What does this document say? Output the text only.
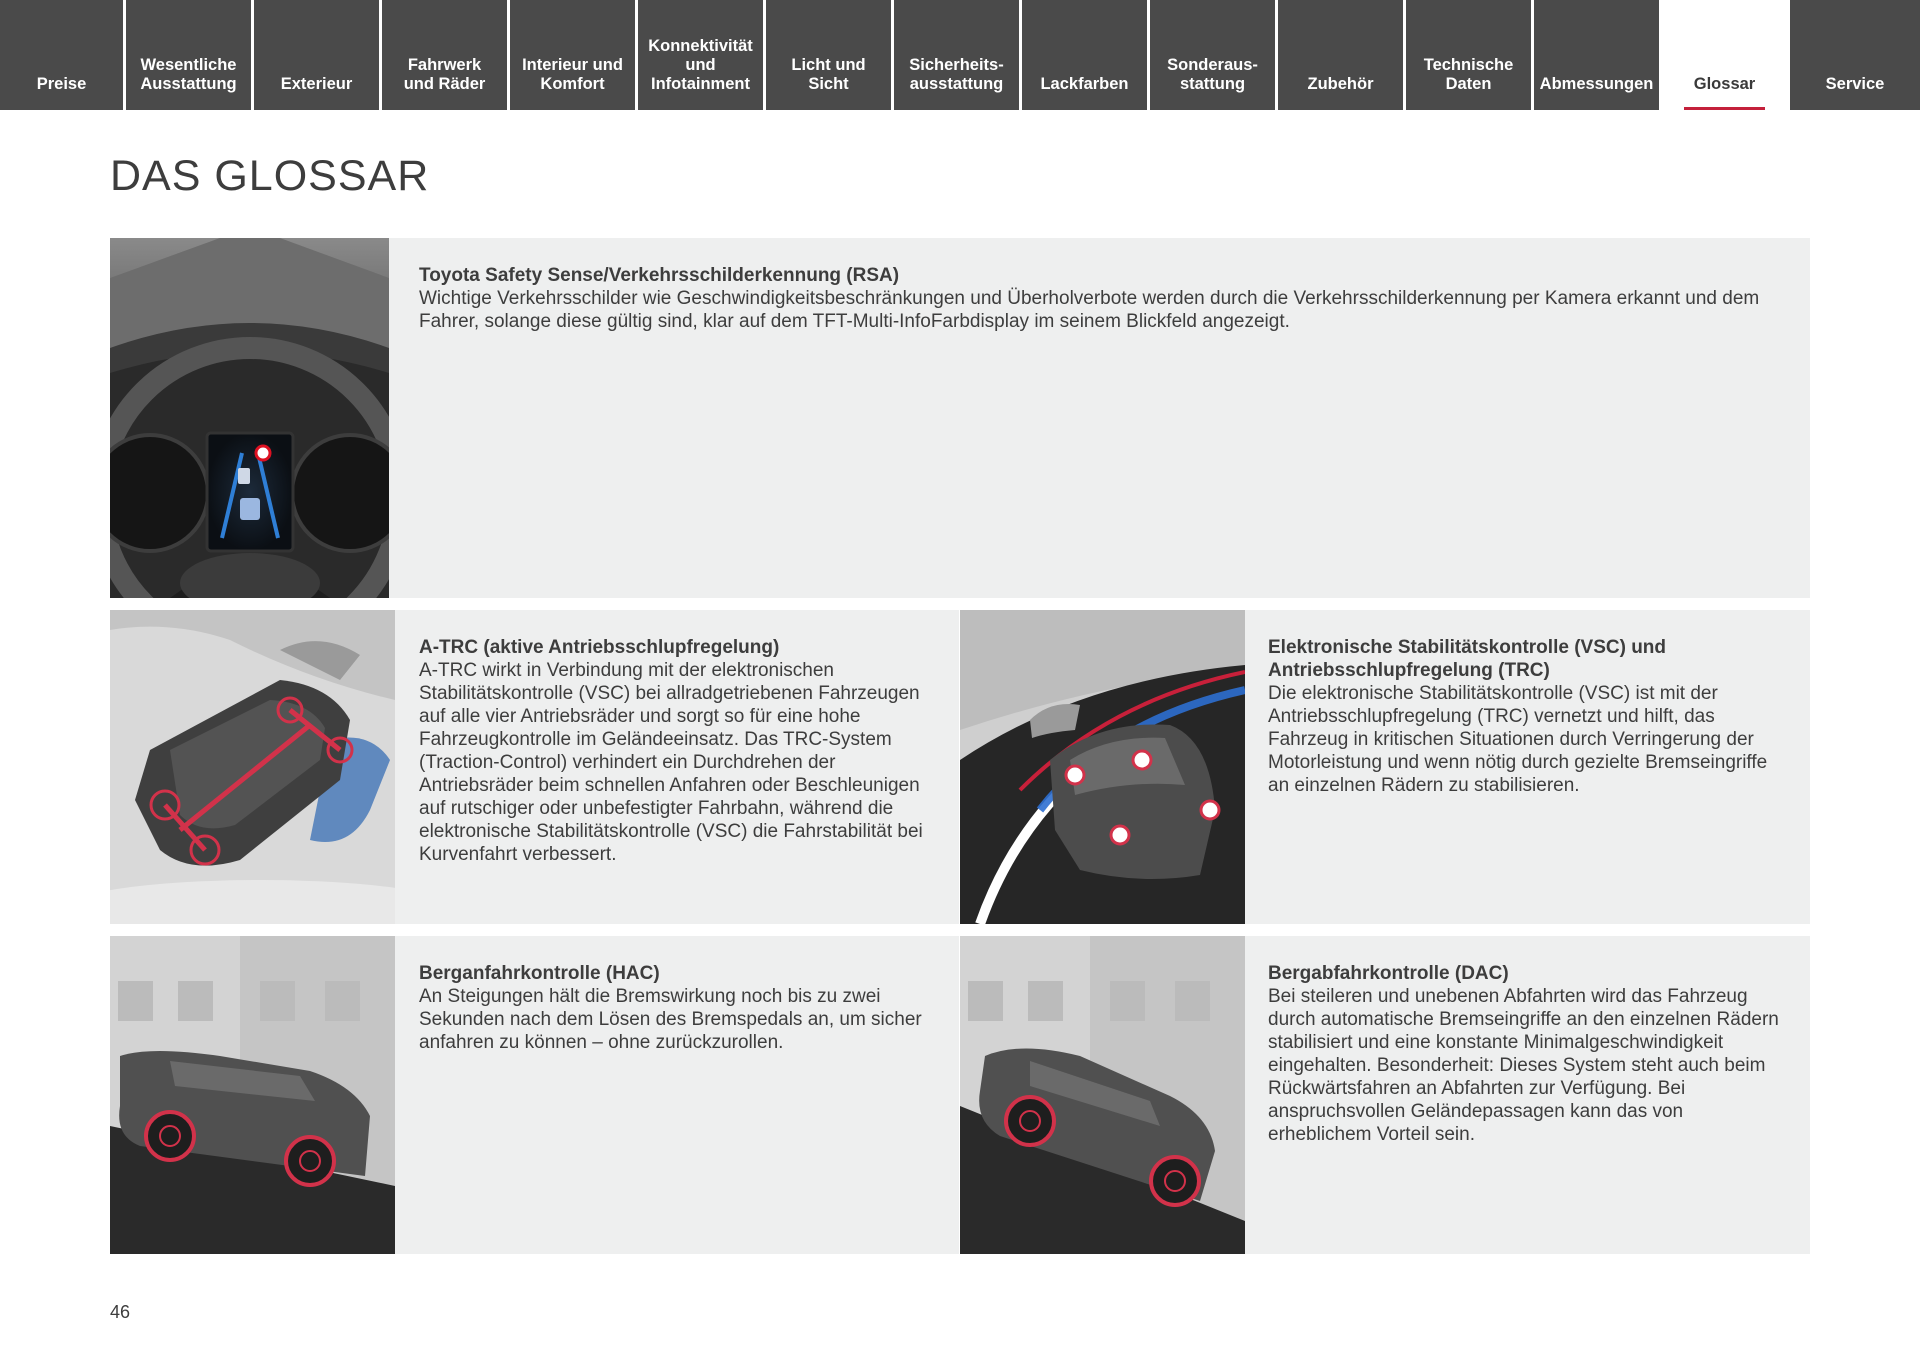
Preise
Wesentliche
Ausstattung	Exterieur
Fahrwerk
und Räder
Interieur und
Komfort
Konnektivität
und
Infotainment
Licht und
Sicht
Sicherheits-
ausstattung Lackfarben
Sonderaus-
stattung	Zubehör
Technische
Daten	Abmessungen Glossar	Service
DAS GLOSSAR
Toyota Safety Sense/Verkehrsschilderkennung (RSA)
Wichtige Verkehrsschilder wie Geschwindigkeitsbeschränkungen und Überholverbote werden durch die Verkehrsschilderkennung per Kamera erkannt und dem Fahrer, solange diese gültig sind, klar auf dem TFT-Multi-InfoFarbdisplay im seinem Blickfeld angezeigt.
A-TRC (aktive Antriebsschlupfregelung)
A-TRC wirkt in Verbindung mit der elektronischen Stabilitätskontrolle (VSC) bei allradgetriebenen Fahrzeugen auf alle vier Antriebsräder und sorgt so für eine hohe Fahrzeugkontrolle im Geländeeinsatz. Das TRC-System (Traction-Control) verhindert ein Durchdrehen der Antriebsräder beim schnellen Anfahren oder Beschleunigen auf rutschiger oder unbefestigter Fahrbahn, während die elektronische Stabilitätskontrolle (VSC) die Fahrstabilität bei Kurvenfahrt verbessert.
Elektronische Stabilitätskontrolle (VSC) und Antriebsschlupfregelung (TRC)
Die elektronische Stabilitätskontrolle (VSC) ist mit der Antriebsschlupfregelung (TRC) vernetzt und hilft, das Fahrzeug in kritischen Situationen durch Verringerung der Motorleistung und wenn nötig durch gezielte Bremseingriffe an einzelnen Rädern zu stabilisieren.
Berganfahrkontrolle (HAC)
An Steigungen hält die Bremswirkung noch bis zu zwei Sekunden nach dem Lösen des Bremspedals an, um sicher anfahren zu können – ohne zurückzurollen.
Bergabfahrkontrolle (DAC)
Bei steileren und unebenen Abfahrten wird das Fahrzeug durch automatische Bremseingriffe an den einzelnen Rädern stabilisiert und eine konstante Minimalgeschwindigkeit eingehalten. Besonderheit: Dieses System steht auch beim Rückwärtsfahren an Abfahrten zur Verfügung. Bei anspruchsvollen Geländepassagen kann das von erheblichem Vorteil sein.
46
